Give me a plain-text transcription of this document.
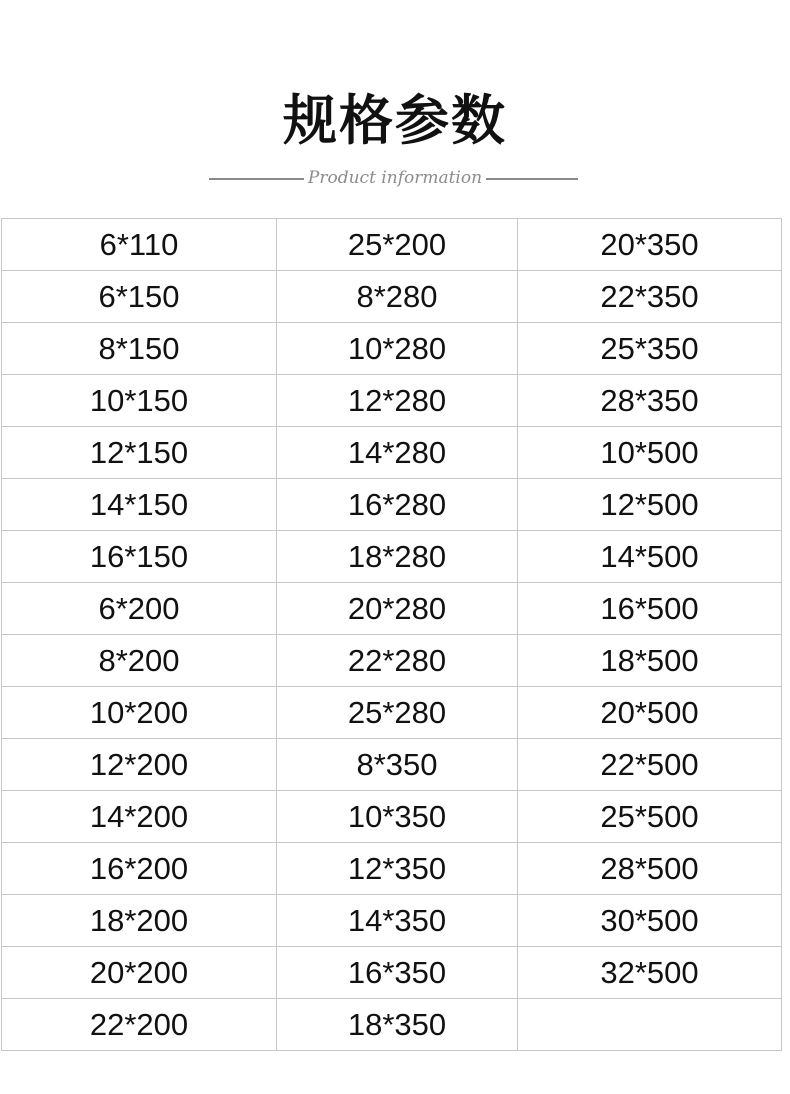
规格参数
Product information
6*110	25*200	20*350
6*150	8*280	22*350
8*150	10*280	25*350
10*150	12*280	28*350
12*150	14*280	10*500
14*150	16*280	12*500
16*150	18*280	14*500
6*200	20*280	16*500
8*200	22*280	18*500
10*200	25*280	20*500
12*200	8*350	22*500
14*200	10*350	25*500
16*200	12*350	28*500
18*200	14*350	30*500
20*200	16*350	32*500
22*200	18*350	
